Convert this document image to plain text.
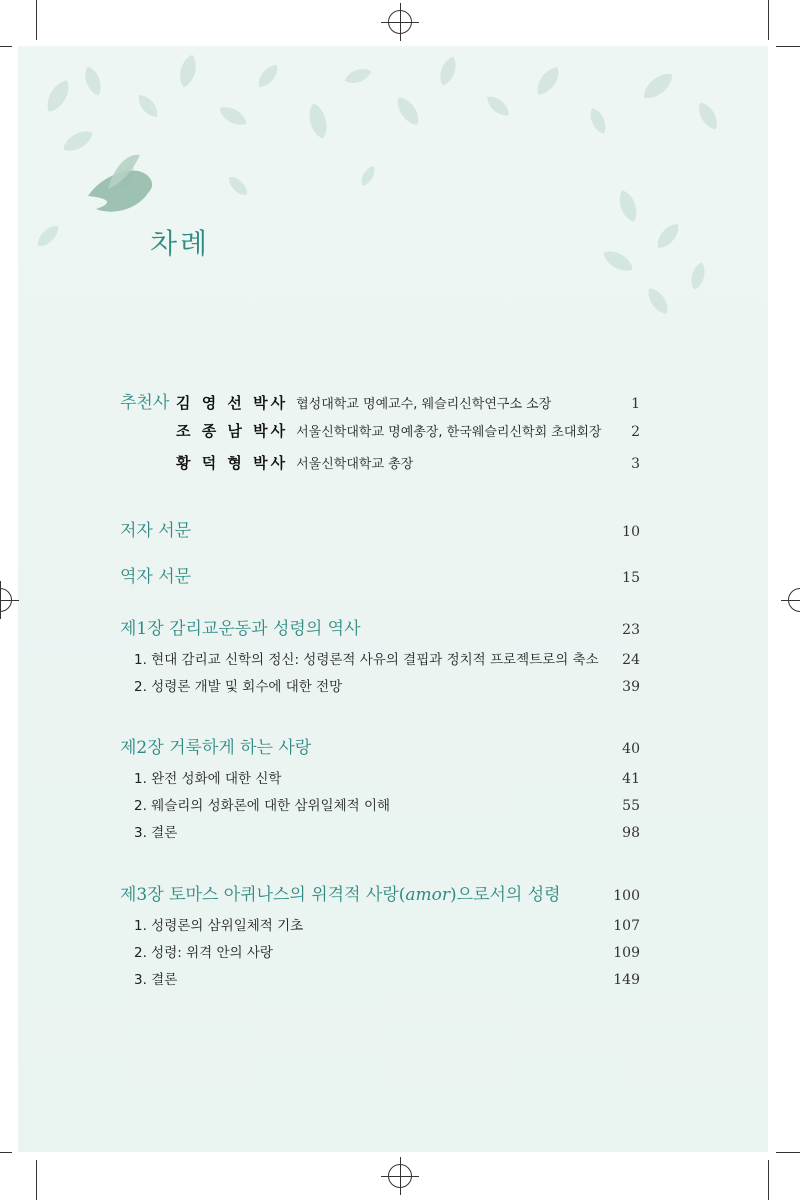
차례
추천사 김 영 선 박사 협성대학교 명예교수, 웨슬리신학연구소 소장	1
조 종 남 박사 서울신학대학교 명예총장, 한국웨슬리신학회 초대회장 2
황 덕 형 박사 서울신학대학교 총장	3
저자 서문	10
역자 서문	15
제1장 감리교운동과 성령의 역사	23
1. 현대 감리교 신학의 정신: 성령론적 사유의 결핍과 정치적 프로젝트로의 축소	24
2. 성령론 개발 및 회수에 대한 전망	39
제2장 거룩하게 하는 사랑	40
1. 완전 성화에 대한 신학	41
2. 웨슬리의 성화론에 대한 삼위일체적 이해	55
3. 결론	98
제3장 토마스 아퀴나스의 위격적 사랑(amor)으로서의 성령	100
1. 성령론의 삼위일체적 기초	107
2. 성령: 위격 안의 사랑	109
3. 결론	149
